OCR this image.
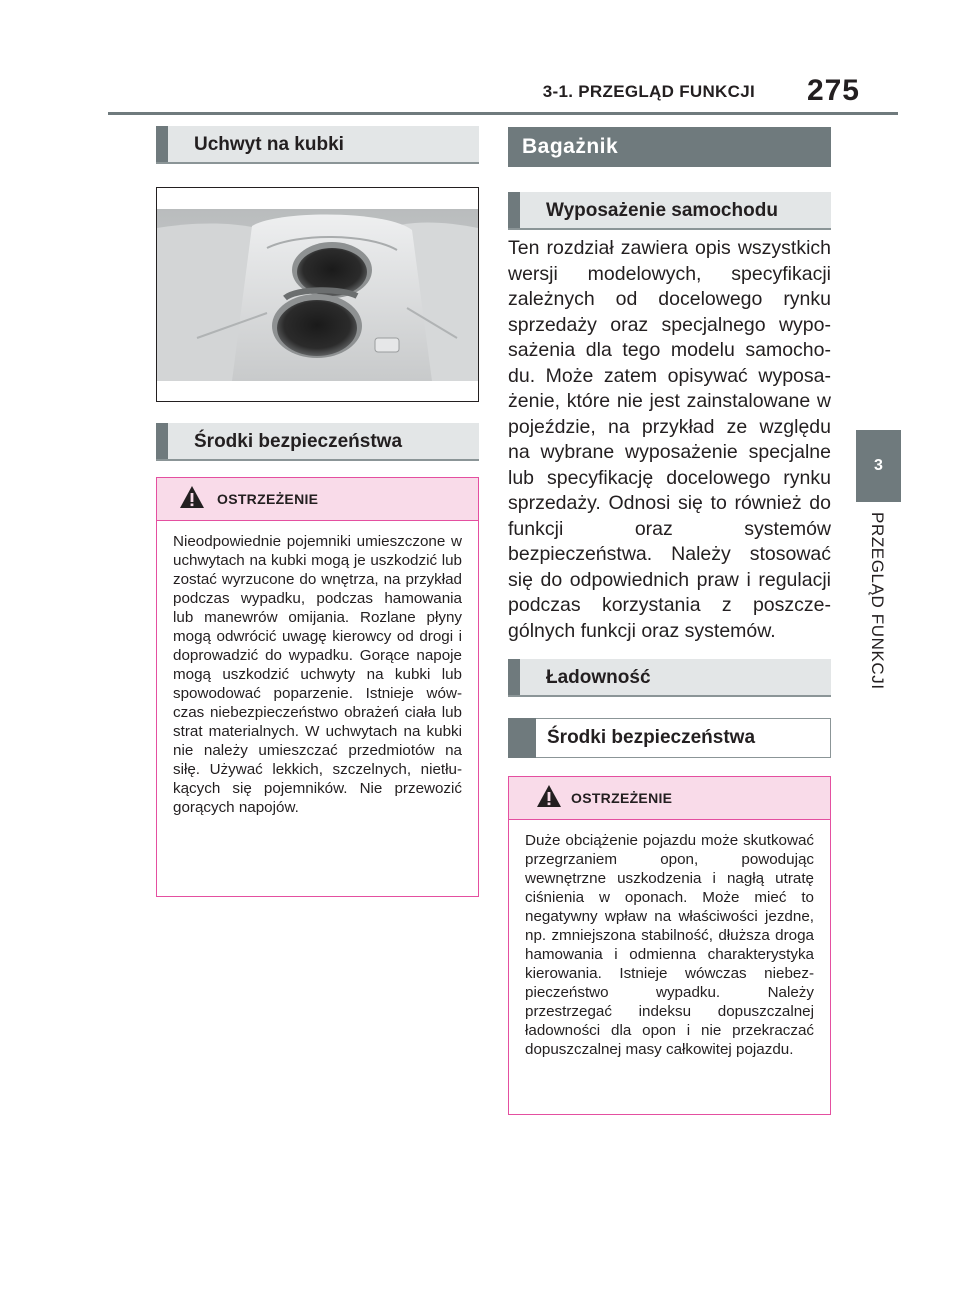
3-1. PRZEGLĄD FUNKCJI	275
3
PRZEGLĄD FUNKCJI
Uchwyt na kubki
Środki bezpieczeństwa
OSTRZEŻENIE
Nieodpowiednie pojemniki umieszczone w uchwytach na kubki mogą je uszkodzić lub zostać wyrzucone do wnętrza, na przykład podczas wypadku, podczas hamowania lub manewrów omijania. Rozlane płyny mogą odwrócić uwagę kierowcy od drogi i doprowadzić do wypadku. Gorące napoje mogą uszkodzić uchwyty na kubki lub spowodować poparzenie. Istnieje wówczas niebezpieczeństwo obrażeń ciała lub strat materialnych. W uchwytach na kubki nie należy umieszczać przedmiotów na siłę. Używać lekkich, szczelnych, nietłukących się pojemników. Nie przewozić gorących napojów.
Bagażnik
Wyposażenie samochodu
Ten rozdział zawiera opis wszystkich wersji modelowych, specyfikacji zależnych od docelowego rynku sprzedaży oraz specjalnego wyposażenia dla tego modelu samochodu. Może zatem opisywać wyposażenie, które nie jest zainstalowane w pojeździe, na przykład ze względu na wybrane wyposażenie specjalne lub specyfikację docelowego rynku sprzedaży. Odnosi się to również do funkcji oraz systemów bezpieczeństwa. Należy stosować się do odpowiednich praw i regulacji podczas korzystania z poszczególnych funkcji oraz systemów.
Ładowność
Środki bezpieczeństwa
OSTRZEŻENIE
Duże obciążenie pojazdu może skutkować przegrzaniem opon, powodując wewnętrzne uszkodzenia i nagłą utratę ciśnienia w oponach. Może mieć to negatywny wpław na właściwości jezdne, np. zmniejszona stabilność, dłuższa droga hamowania i odmienna charakterystyka kierowania. Istnieje wówczas niebezpieczeństwo wypadku. Należy przestrzegać indeksu dopuszczalnej ładowności dla opon i nie przekraczać dopuszczalnej masy całkowitej pojazdu.
